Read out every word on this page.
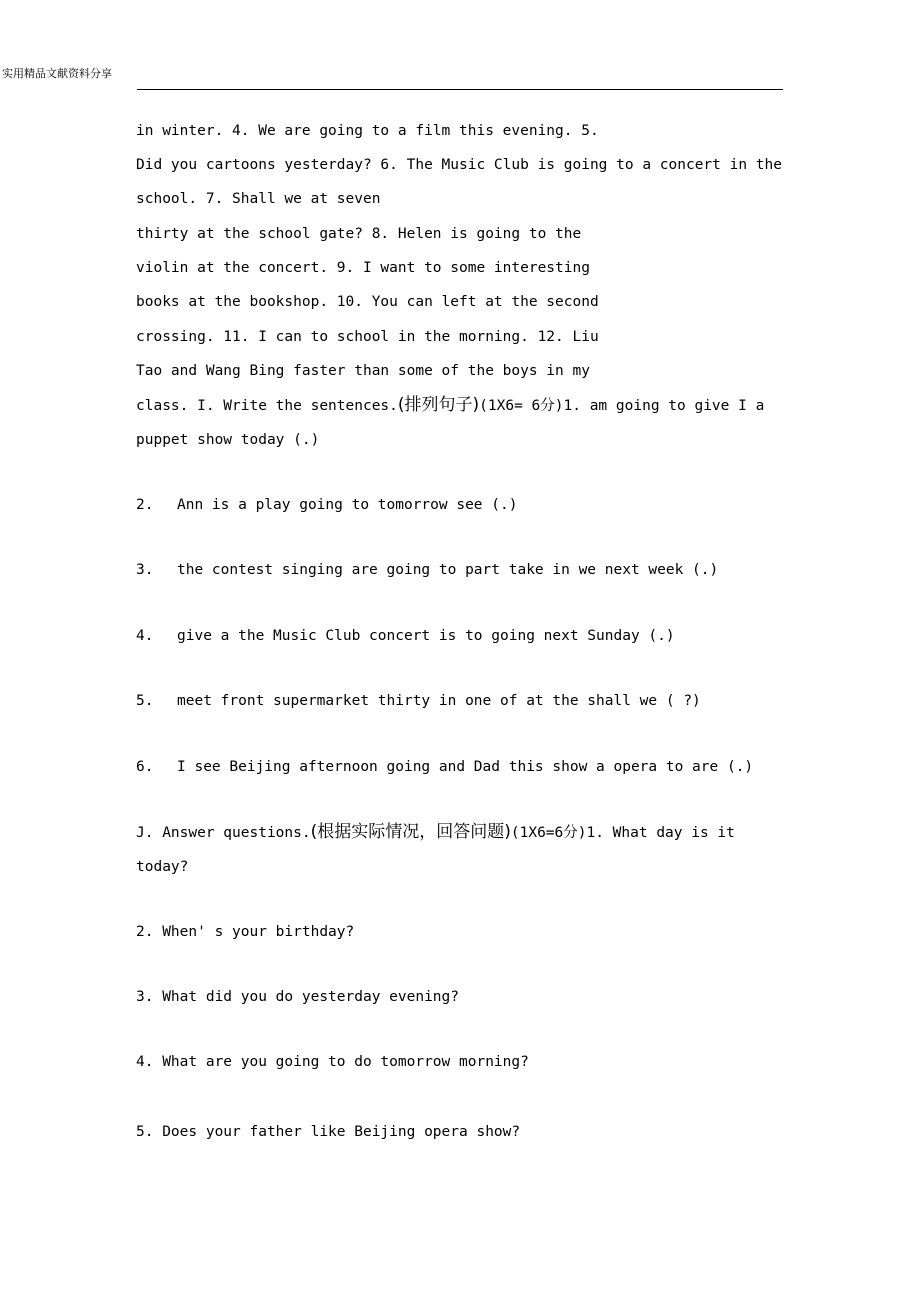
实用精品文献资料分享
in winter. 4. We are going to a film this evening. 5.
Did you cartoons yesterday? 6. The Music Club is going to a concert in the
school. 7. Shall we at seven
thirty at the school gate? 8. Helen is going to the
violin at the concert. 9. I want to some interesting
books at the bookshop. 10. You can left at the second
crossing. 11. I can to school in the morning. 12. Liu
Tao and Wang Bing faster than some of the boys in my
class. I. Write the sentences.(排列句子)(1X6= 6分)1. am going to give I a
puppet show today (.)
2. Ann is a play going to tomorrow see (.)
3. the contest singing are going to part take in we next week (.)
4. give a the Music Club concert is to going next Sunday (.)
5. meet front supermarket thirty in one of at the shall we ( ?)
6. I see Beijing afternoon going and Dad this show a opera to are (.)
J. Answer questions.(根据实际情况，回答问题)(1X6=6分)1. What day is it
today?
2. When' s your birthday?
3. What did you do yesterday evening?
4. What are you going to do tomorrow morning?
5. Does your father like Beijing opera show?
